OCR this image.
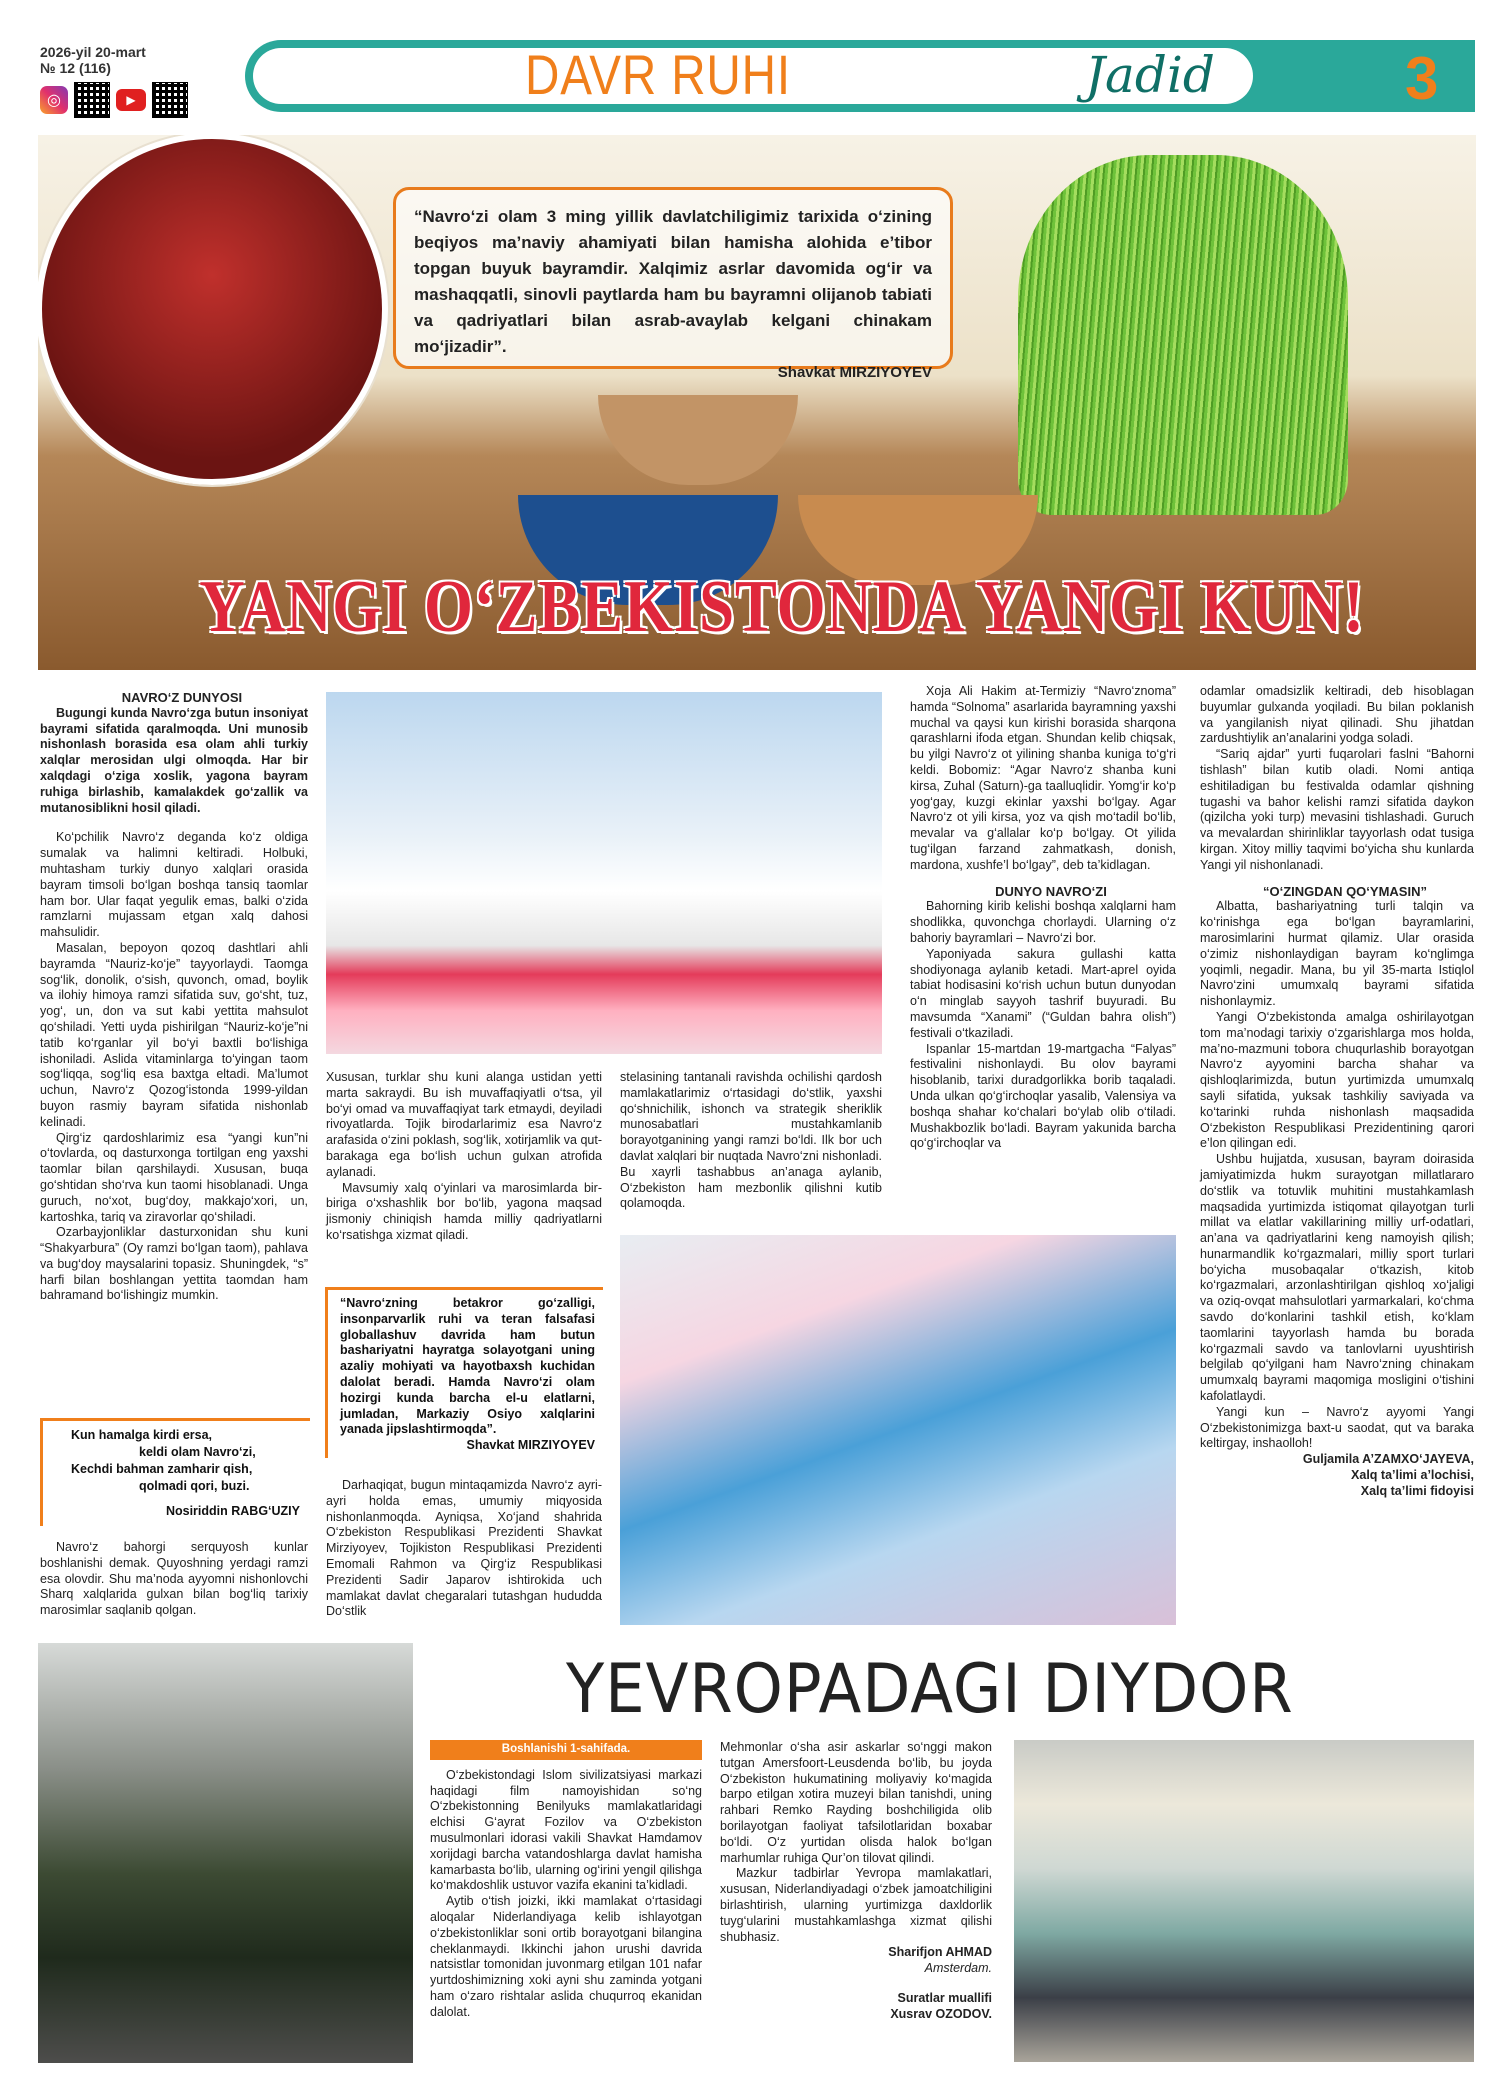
2026-yil 20-mart
№ 12 (116)
◎	▶	DAVR RUHI	Jadid	3
“Navro‘zi olam 3 ming yillik davlatchiligimiz tarixida o‘zining beqiyos ma’naviy ahamiyati bilan hamisha alohida e’tibor topgan buyuk bayramdir. Xalqimiz asrlar davomida og‘ir va mashaqqatli, sinovli paytlarda ham bu bayramni olijanob tabiati va qadriyatlari bilan asrab-avaylab kelgani chinakam mo‘jizadir”.
Shavkat MIRZIYOYEV
YANGI O‘ZBEKISTONDA YANGI KUN!

NAVRO‘Z DUNYOSI

Bugungi kunda Navro‘zga butun insoniyat bayrami sifatida qaralmoqda. Uni munosib nishonlash borasida esa olam ahli turkiy xalqlar merosidan ulgi olmoqda. Har bir xalqdagi o‘ziga xoslik, yagona bayram ruhiga birlashib, kamalakdek go‘zallik va mutanosiblikni hosil qiladi.

Ko‘pchilik Navro‘z deganda ko‘z oldiga sumalak va halimni keltiradi. Holbuki, muhtasham turkiy dunyo xalqlari orasida bayram timsoli bo‘lgan boshqa tansiq taomlar ham bor. Ular faqat yegulik emas, balki o‘zida ramzlarni mujassam etgan xalq dahosi mahsulidir.

Masalan, bepoyon qozoq dashtlari ahli bayramda “Nauriz-ko‘je” tayyorlaydi. Taomga sog‘lik, donolik, o‘sish, quvonch, omad, boylik va ilohiy himoya ramzi sifatida suv, go‘sht, tuz, yog‘, un, don va sut kabi yettita mahsulot qo‘shiladi. Yetti uyda pishirilgan “Nauriz-ko‘je”ni tatib ko‘rganlar yil bo‘yi baxtli bo‘lishiga ishoniladi. Aslida vitaminlarga to‘yingan taom sog‘liqqa, sog‘liq esa baxtga eltadi. Ma’lumot uchun, Navro‘z Qozog‘istonda 1999-yildan buyon rasmiy bayram sifatida nishonlab kelinadi.

Qirg‘iz qardoshlarimiz esa “yangi kun”ni o‘tovlarda, oq dasturxonga tortilgan eng yaxshi taomlar bilan qarshilaydi. Xususan, buqa go‘shtidan sho‘rva kun taomi hisoblanadi. Unga guruch, no‘xot, bug‘doy, makkajo‘xori, un, kartoshka, tariq va ziravorlar qo‘shiladi.

Ozarbayjonliklar dasturxonidan shu kuni “Shakyarbura” (Oy ramzi bo‘lgan taom), pahlava va bug‘doy maysalarini topasiz. Shuningdek, “s” harfi bilan boshlangan yettita taomdan ham bahramand bo‘lishingiz mumkin.

Kun hamalga kirdi ersa,

keldi olam Navro‘zi,

Kechdi bahman zamharir qish,

qolmadi qori, buzi.

Nosiriddin RABG‘UZIY

Navro‘z bahorgi serquyosh kunlar boshlanishi demak. Quyoshning yerdagi ramzi esa olovdir. Shu ma’noda ayyomni nishonlovchi Sharq xalqlarida gulxan bilan bog‘liq tarixiy marosimlar saqlanib qolgan.

Xususan, turklar shu kuni alanga ustidan yetti marta sakraydi. Bu ish muvaffaqiyatli o‘tsa, yil bo‘yi omad va muvaffaqiyat tark etmaydi, deyiladi rivoyatlarda. Tojik birodarlarimiz esa Navro‘z arafasida o‘zini poklash, sog‘lik, xotirjamlik va qut-barakaga ega bo‘lish uchun gulxan atrofida aylanadi.

Mavsumiy xalq o‘yinlari va marosimlarda bir-biriga o‘xshashlik bor bo‘lib, yagona maqsad jismoniy chiniqish hamda milliy qadriyatlarni ko‘rsatishga xizmat qiladi.

“Navro‘zning betakror go‘zalligi, insonparvarlik ruhi va teran falsafasi globallashuv davrida ham butun bashariyatni hayratga solayotgani uning azaliy mohiyati va hayotbaxsh kuchidan dalolat beradi. Hamda Navro‘zi olam hozirgi kunda barcha el-u elatlarni, jumladan, Markaziy Osiyo xalqlarini yanada jipslashtirmoqda”.
Shavkat MIRZIYOYEV

Darhaqiqat, bugun mintaqamizda Navro‘z ayri-ayri holda emas, umumiy miqyosida nishonlanmoqda. Ayniqsa, Xo‘jand shahrida O‘zbekiston Respublikasi Prezidenti Shavkat Mirziyoyev, Tojikiston Respublikasi Prezidenti Emomali Rahmon va Qirg‘iz Respublikasi Prezidenti Sadir Japarov ishtirokida uch mamlakat davlat chegaralari tutashgan hududda Do‘stlik

stelasining tantanali ravishda ochilishi qardosh mamlakatlarimiz o‘rtasidagi do‘stlik, yaxshi qo‘shnichilik, ishonch va strategik sheriklik munosabatlari mustahkamlanib borayotganining yangi ramzi bo‘ldi. Ilk bor uch davlat xalqlari bir nuqtada Navro‘zni nishonladi. Bu xayrli tashabbus an’anaga aylanib, O‘zbekiston ham mezbonlik qilishni kutib qolamoqda.

Xoja Ali Hakim at-Termiziy “Navro‘znoma” hamda “Solnoma” asarlarida bayramning yaxshi muchal va qaysi kun kirishi borasida sharqona qarashlarni ifoda etgan. Shundan kelib chiqsak, bu yilgi Navro‘z ot yilining shanba kuniga to‘g‘ri keldi. Bobomiz: “Agar Navro‘z shanba kuni kirsa, Zuhal (Saturn)-ga taalluqlidir. Yomg‘ir ko‘p yog‘gay, kuzgi ekinlar yaxshi bo‘lgay. Agar Navro‘z ot yili kirsa, yoz va qish mo‘tadil bo‘lib, mevalar va g‘allalar ko‘p bo‘lgay. Ot yilida tug‘ilgan farzand zahmatkash, donish, mardona, xushfe’l bo‘lgay”, deb ta’kidlagan.

DUNYO NAVRO‘ZI

Bahorning kirib kelishi boshqa xalqlarni ham shodlikka, quvonchga chorlaydi. Ularning o‘z bahoriy bayramlari – Navro‘zi bor.

Yaponiyada sakura gullashi katta shodiyonaga aylanib ketadi. Mart-aprel oyida tabiat hodisasini ko‘rish uchun butun dunyodan o‘n minglab sayyoh tashrif buyuradi. Bu mavsumda “Xanami” (“Guldan bahra olish”) festivali o‘tkaziladi.

Ispanlar 15-martdan 19-martgacha “Falyas” festivalini nishonlaydi. Bu olov bayrami hisoblanib, tarixi duradgorlikka borib taqaladi. Unda ulkan qo‘g‘irchoqlar yasalib, Valensiya va boshqa shahar ko‘chalari bo‘ylab olib o‘tiladi. Mushakbozlik bo‘ladi. Bayram yakunida barcha qo‘g‘irchoqlar va

odamlar omadsizlik keltiradi, deb hisoblagan buyumlar gulxanda yoqiladi. Bu bilan poklanish va yangilanish niyat qilinadi. Shu jihatdan zardushtiylik an’analarini yodga soladi.

“Sariq ajdar” yurti fuqarolari faslni “Bahorni tishlash” bilan kutib oladi. Nomi antiqa eshitiladigan bu festivalda odamlar qishning tugashi va bahor kelishi ramzi sifatida daykon (qizilcha yoki turp) mevasini tishlashadi. Guruch va mevalardan shirinliklar tayyorlash odat tusiga kirgan. Xitoy milliy taqvimi bo‘yicha shu kunlarda Yangi yil nishonlanadi.

“O‘ZINGDAN QO‘YMASIN”

Albatta, bashariyatning turli talqin va ko‘rinishga ega bo‘lgan bayramlarini, marosimlarini hurmat qilamiz. Ular orasida o‘zimiz nishonlaydigan bayram ko‘nglimga yoqimli, negadir. Mana, bu yil 35-marta Istiqlol Navro‘zini umumxalq bayrami sifatida nishonlaymiz.

Yangi O‘zbekistonda amalga oshirilayotgan tom ma’nodagi tarixiy o‘zgarishlarga mos holda, ma’no-mazmuni tobora chuqurlashib borayotgan Navro‘z ayyomini barcha shahar va qishloqlarimizda, butun yurtimizda umumxalq sayli sifatida, yuksak tashkiliy saviyada va ko‘tarinki ruhda nishonlash maqsadida O‘zbekiston Respublikasi Prezidentining qarori e’lon qilingan edi.

Ushbu hujjatda, xususan, bayram doirasida jamiyatimizda hukm surayotgan millatlararo do‘stlik va totuvlik muhitini mustahkamlash maqsadida yurtimizda istiqomat qilayotgan turli millat va elatlar vakillarining milliy urf-odatlari, an’ana va qadriyatlarini keng namoyish qilish; hunarmandlik ko‘rgazmalari, milliy sport turlari bo‘yicha musobaqalar o‘tkazish, kitob ko‘rgazmalari, arzonlashtirilgan qishloq xo‘jaligi va oziq-ovqat mahsulotlari yarmarkalari, ko‘chma savdo do‘konlarini tashkil etish, ko‘klam taomlarini tayyorlash hamda bu borada ko‘rgazmali savdo va tanlovlarni uyushtirish belgilab qo‘yilgani ham Navro‘zning chinakam umumxalq bayrami maqomiga mosligini o‘tishini kafolatlaydi.

Yangi kun – Navro‘z ayyomi Yangi O‘zbekistonimizga baxt-u saodat, qut va baraka keltirgay, inshaolloh!

Guljamila A’ZAMXO‘JAYEVA,

Xalq ta’limi a’lochisi,

Xalq ta’limi fidoyisi

YEVROPADAGI DIYDOR
Boshlanishi 1-sahifada.

O‘zbekistondagi Islom sivilizatsiyasi markazi haqidagi film namoyishidan so‘ng O‘zbekistonning Benilyuks mamlakatlaridagi elchisi G‘ayrat Fozilov va O‘zbekiston musulmonlari idorasi vakili Shavkat Hamdamov xorijdagi barcha vatandoshlarga davlat hamisha kamarbasta bo‘lib, ularning og‘irini yengil qilishga ko‘makdoshlik ustuvor vazifa ekanini ta’kidladi.

Aytib o‘tish joizki, ikki mamlakat o‘rtasidagi aloqalar Niderlandiyaga kelib ishlayotgan o‘zbekistonliklar soni ortib borayotgani bilangina cheklanmaydi. Ikkinchi jahon urushi davrida natsistlar tomonidan juvonmarg etilgan 101 nafar yurtdoshimizning xoki ayni shu zaminda yotgani ham o‘zaro rishtalar aslida chuqurroq ekanidan dalolat.

Mehmonlar o‘sha asir askarlar so‘nggi makon tutgan Amersfoort-Leusdenda bo‘lib, bu joyda O‘zbekiston hukumatining moliyaviy ko‘magida barpo etilgan xotira muzeyi bilan tanishdi, uning rahbari Remko Rayding boshchiligida olib borilayotgan faoliyat tafsilotlaridan boxabar bo‘ldi. O‘z yurtidan olisda halok bo‘lgan marhumlar ruhiga Qur’on tilovat qilindi.

Mazkur tadbirlar Yevropa mamlakatlari, xususan, Niderlandiyadagi o‘zbek jamoatchiligini birlashtirish, ularning yurtimizga daxldorlik tuyg‘ularini mustahkamlashga xizmat qilishi shubhasiz.

Sharifjon AHMAD

Amsterdam.

Suratlar muallifi

Xusrav OZODOV.
